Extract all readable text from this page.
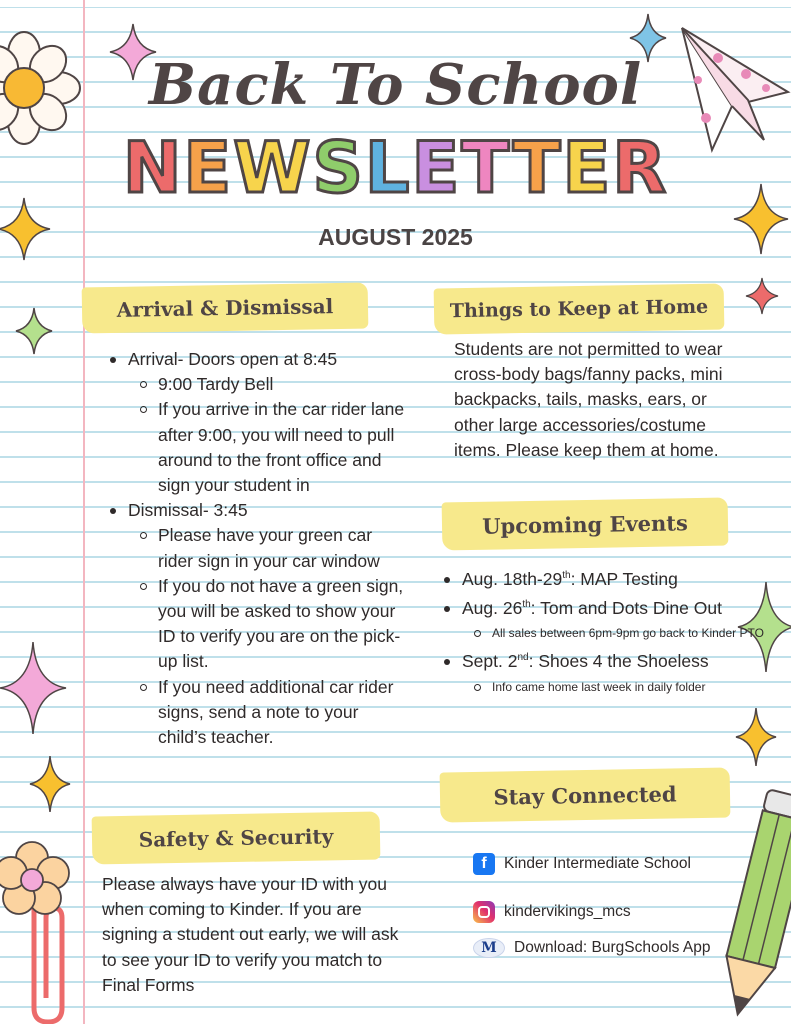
Back To School
NEWSLETTER
AUGUST 2025
Arrival & Dismissal
Arrival- Doors open at 8:45
9:00 Tardy Bell
If you arrive in the car rider lane after 9:00, you will need to pull around to the front office and sign your student in
Dismissal- 3:45
Please have your green car rider sign in your car window
If you do not have a green sign, you will be asked to show your ID to verify you are on the pick-up list.
If you need additional car rider signs, send a note to your child’s teacher.
Safety & Security
Please always have your ID with you when coming to Kinder. If you are signing a student out early, we will ask to see your ID to verify you match to Final Forms
Things to Keep at Home
Students are not permitted to wear cross-body bags/fanny packs, mini backpacks, tails, masks, ears, or other large accessories/costume items. Please keep them at home.
Upcoming Events
Aug. 18th-29th: MAP Testing
Aug. 26th: Tom and Dots Dine Out
All sales between 6pm-9pm go back to Kinder PTO
Sept. 2nd: Shoes 4 the Shoeless
Info came home last week in daily folder
Stay Connected
f	Kinder Intermediate School
kindervikings_mcs
M	Download: BurgSchools App
